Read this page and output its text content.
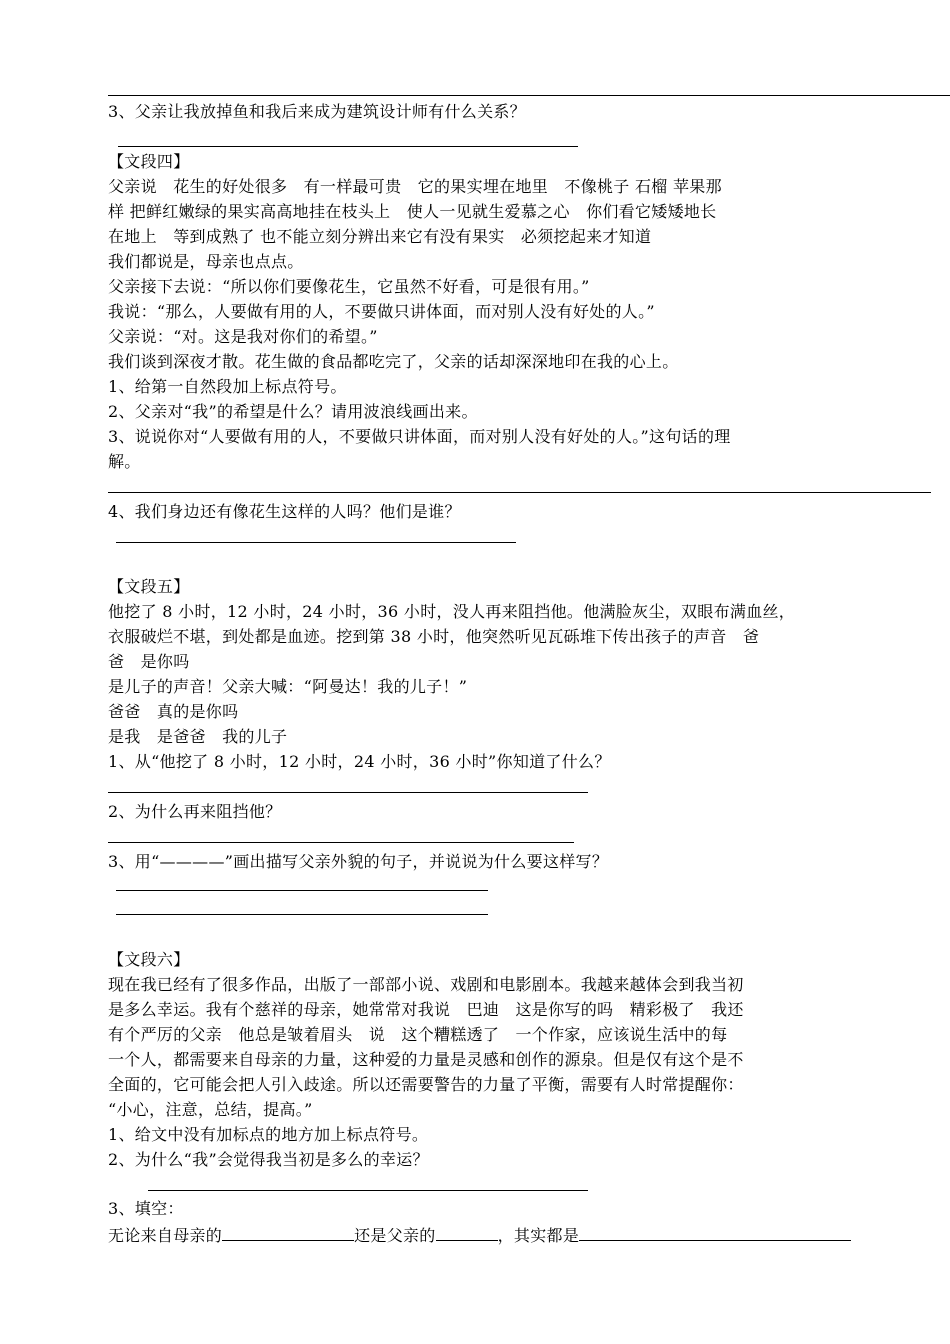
3、父亲让我放掉鱼和我后来成为建筑设计师有什么关系？
【文段四】
父亲说　花生的好处很多　有一样最可贵　它的果实埋在地里　不像桃子 石榴 苹果那
样 把鲜红嫩绿的果实高高地挂在枝头上　使人一见就生爱慕之心　你们看它矮矮地长
在地上　等到成熟了 也不能立刻分辨出来它有没有果实　必须挖起来才知道
我们都说是，母亲也点点。
父亲接下去说：“所以你们要像花生，它虽然不好看，可是很有用。”
我说：“那么，人要做有用的人，不要做只讲体面，而对别人没有好处的人。”
父亲说：“对。这是我对你们的希望。”
我们谈到深夜才散。花生做的食品都吃完了，父亲的话却深深地印在我的心上。
1、给第一自然段加上标点符号。
2、父亲对“我”的希望是什么？请用波浪线画出来。
3、说说你对“人要做有用的人，不要做只讲体面，而对别人没有好处的人。”这句话的理
解。
4、我们身边还有像花生这样的人吗？他们是谁？
【文段五】
他挖了 8 小时，12 小时，24 小时，36 小时，没人再来阻挡他。他满脸灰尘，双眼布满血丝，
衣服破烂不堪，到处都是血迹。挖到第 38 小时，他突然听见瓦砾堆下传出孩子的声音　爸
爸　是你吗
是儿子的声音！父亲大喊：“阿曼达！我的儿子！”
爸爸　真的是你吗
是我　是爸爸　我的儿子
1、从“他挖了 8 小时，12 小时，24 小时，36 小时”你知道了什么？
2、为什么再来阻挡他？
3、用“————”画出描写父亲外貌的句子，并说说为什么要这样写？
【文段六】
现在我已经有了很多作品，出版了一部部小说、戏剧和电影剧本。我越来越体会到我当初
是多么幸运。我有个慈祥的母亲，她常常对我说　巴迪　这是你写的吗　精彩极了　我还
有个严厉的父亲　他总是皱着眉头　说　这个糟糕透了　一个作家，应该说生活中的每
一个人，都需要来自母亲的力量，这种爱的力量是灵感和创作的源泉。但是仅有这个是不
全面的，它可能会把人引入歧途。所以还需要警告的力量了平衡，需要有人时常提醒你：
“小心，注意，总结，提高。”
1、给文中没有加标点的地方加上标点符号。
2、为什么“我”会觉得我当初是多么的幸运？
3、填空：
无论来自母亲的	还是父亲的	，其实都是
